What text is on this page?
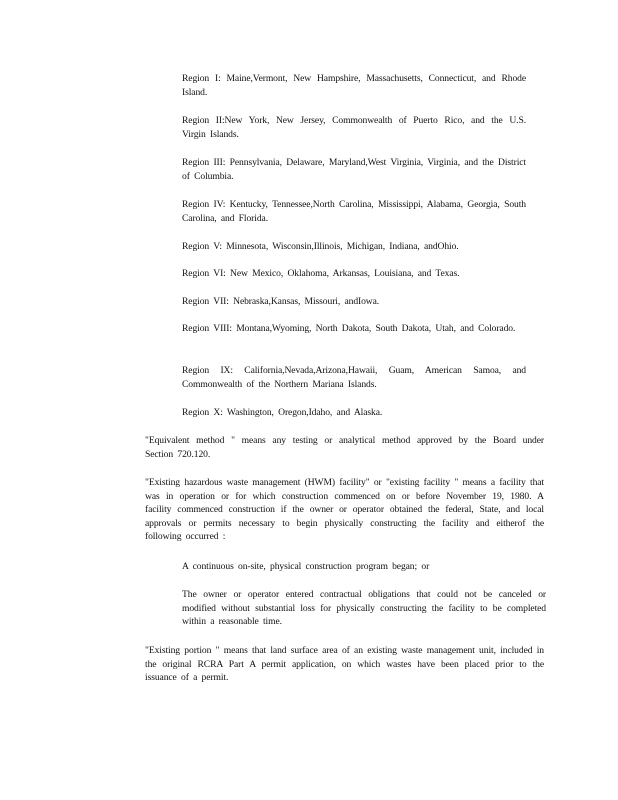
Region I: Maine,Vermont, New Hampshire, Massachusetts, Connecticut, and Rhode Island.
Region II:New York, New Jersey, Commonwealth of Puerto Rico, and the U.S. Virgin Islands.
Region III: Pennsylvania, Delaware, Maryland,West Virginia, Virginia, and the District of Columbia.
Region IV: Kentucky, Tennessee,North Carolina, Mississippi, Alabama, Georgia, South Carolina, and Florida.
Region V: Minnesota, Wisconsin,Illinois, Michigan, Indiana, andOhio.
Region VI: New Mexico, Oklahoma, Arkansas, Louisiana, and Texas.
Region VII: Nebraska,Kansas, Missouri, andIowa.
Region VIII: Montana,Wyoming, North Dakota, South Dakota, Utah, and Colorado.
Region IX: California,Nevada,Arizona,Hawaii, Guam, American Samoa, and Commonwealth of the Northern Mariana Islands.
Region X: Washington, Oregon,Idaho, and Alaska.
"Equivalent method " means any testing or analytical method approved by the Board under Section 720.120.
"Existing hazardous waste management (HWM) facility" or "existing facility " means a facility that was in operation or for which construction commenced on or before November 19, 1980. A facility commenced construction if the owner or operator obtained the federal, State, and local approvals or permits necessary to begin physically constructing the facility and eitherof the following occurred :
A continuous on-site, physical construction program began; or
The owner or operator entered contractual obligations that could not be canceled or modified without substantial loss for physically constructing the facility to be completed within a reasonable time.
"Existing portion " means that land surface area of an existing waste management unit, included in the original RCRA Part A permit application, on which wastes have been placed prior to the issuance of a permit.
